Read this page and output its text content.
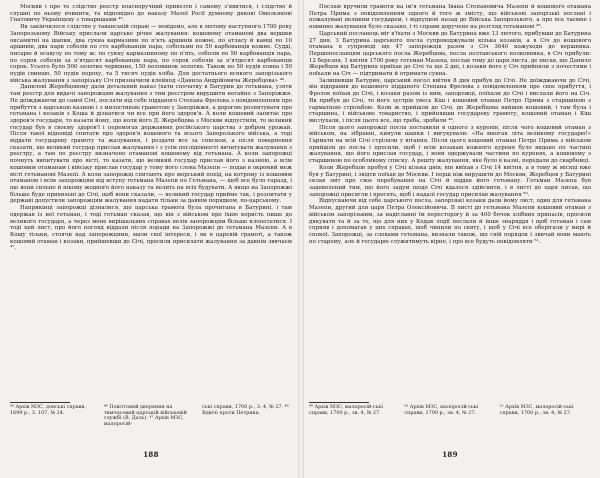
Москви і про те слідство реєстр власноручний привезти і самому з'явитися, і слідство й слушні по ньому вчинити, та відповідно до наказу Малої Росії думному дякові Омельянові Гнатовичу Українцеву з товаришами ⁴⁵.

Як закінчилося слідство у таванській справі — невідомо, але в лютому наступного 1700 року Запорозькому Війську прислали царське річне жалування: кошовому отаманові два вершки оксамитні на шапки, два сукна кармазини по п'ять аршинів кожне, по атласу й камці по 10 аршинів, два пари соболів по сто карбованців пара, собольми по 50 карбованців кожне. Судді, писарю й осавулу по тому ж: по сукну кармазинному по п'ять, соболів по 50 карбованців пара, по сорок соболів за п'ятдесят карбованців пара, по сорок соболів за п'ятдесят карбованців сорок. Усього було 500 золотих червоних, 150 половинок золотих. Також по 50 пудів олива і 50 пудів свинцю, 50 пудів пороху, та 5 тисяч пудів хліба. Для достатнього всякого запорізького війська жалування з запорізьку Січ призначили клейнод «Данила Андрійовича Жеребцова» ⁴⁶.

Даниловi Жеребцовому дали детальний наказ (хати спочатку в Батурин до гетьмана, узяти там реєстр для видачі запорожцям жалування з тим реєстром вирушити негайно з Запоріжжя. Не доїжджаючи до самої Січі, послати від себе підданого Степана Фролова з повідомленням про прибуття з царською казною і з милостивою грамотою у Запоріжжя, а дорогою розпитувати про гетьмана і козаків з Коша й дізнатися чи все при його здоров'я. А коли кошовий запитає про здоров'я государя, то казати йому, що коли його Д. Жеребцова з Москви відпустили, то великий государ був в своєму здоров'ї і перемогах державних російського царства з добром урожай. Після такої відповіді спитати про здоров'я кошового та всього Запорозького війська, а тоді віддати государеву грамоту та жалування, і роздати все за списком, а після повернення сказати, що великий государ прислав жалування і з усім послідовності вичитувати жалування з реєстру, а там по реєстру визначено отаманові кошовому від гетьмана. А коли запорожці почнуть випитувати про вісті, то казати, що великий государ прислав його з казною, а всім кошовим отаманам і війську прислав государ у тому його слова Мазепи — подав в окремий меж вісті гетьманові Мазепі. А коли запорожці спитають про морський похід, на котрому із кошовим отаманом і всім запорожцям від вступу гетьмана Мазепи по Гетьмана, — щоб все було гаразд, і що вони сильно й нікому жодного його наказу та велить на всіх будувати. А якщо на Запорожжі більше буде прихильні до Січі, щоб вони сказали, — великий государ прийме так, і розпитати у державі допустили запорожцям жалування надати тільки за давнім порядком, по-царському.

Наприкінці запорожці дізналися, що царська грамота була прочитана в Батурині, і там одержав із неї гетьман, і тоді гетьман сказав, що він з військом про їхню користь пише до великого государя, а через мене вирішальних справах велів запорожцям більше клопотатися. І тоді цей лист, про його погляд віддали після поради на Запорожжі до гетьмана Мазепи. А в Кошу тільки, стоячи над запорожцями, мали свої інтереси, і як в царевій грамоті, а також кошовий отаман і козаки, прийшовши до Січі, просили присилати жалування за давнім звичаєм ⁴⁷.

⁴⁵ Архів МЗС, донські справи, 1699 р., 3. 107, № 24.

⁴⁶ Повіттовий дворянин на тимчасовий царській військовій службі (В. Даль). ⁴⁷ Архів МЗС, малоросій-

ські справи, 1700 р., 3. 4, № 27. ⁴⁸ Вдвічі проти Петрика.

188

Послам вручили грамоти на ім'я гетьмана Івана Степановича Мазепи й кошового отамана Петра Прима з повідомленням одного й того ж змісту, що військові запорізькі послані і пожалувані великим государем, і відпущені назад до Війська Запорозького, а про все таємне і повинно жалування було сказано, і ті справи доручено на розгляд гетьманові ⁴⁸.

Царський посланець міг в'їхати з Москви до Батурина вже 13 лютого, прибувши до Батурина 27 дня. З Батурина царського посла супроводжували кілька козаків, а в Січ до кошового отамана в супроводі ще 47 запорожців разом з Січ 3640 кожуходи до вершника. Першопосланцям царського посла Жеребцова, посла полтавського полковника, в Січ прибули: 12 березня, 1 квітня 1700 року гетьман Мазепа, послав тому до царя листа, де писав, що Данило Жеребцов від Батурина приїхав до Січі та ще 2 дні, і козаки його у Січ прийняли з почестями і поїхали на Січ — підтримати й отримати сукна.

Залишивши Батурин, царський посол квітня 8 дня прибув до Січі. Не доїжджаючи до Січі, він відправив до кошового підданого Степана Фролова з повідомленням про своє прибуття, і Фролов поїхав до Січі, і козаки разом із ним, запорожці, поїхали до Січі і вислали його на Січ. Як прибув до Січі, то його зустрів увесь Кіш і кошовий отаман Петро Прима з старшиною з гарматною стрільбою. Коли ж прийшли до Січі, до Жеребцова вийшов кошовий, і там була і старшина, і військове товариство, і прийнявши государеву грамоту, кошовий отаман і Кіш вислухали, і після цього все, що треба, зробили ⁴⁹.

Після цього запорожці посла поставили в одного з куренів, після чого кошовий отаман з військом, на зібранні, кинули шапки і вигукували: «На многая літа великому государю!» Гармати на всій Січі стріляли у вітання. Після цього кошовий отаман Петро Прима з військом прийшли до посла і просили, щоб і всім козакам кожного куреня було видано по частині жалування, що його прислав государ, і вони одержували частини по куренях, а кошовому з старшиною по особливому списку. А решту жалування, яке було в казні, передали до скарбниці.

Коли Жеребцов пробув у Січі кілька днів, він виїхав з Січі 14 квітня, а в тому ж місяці вже був у Батурині, і звідти поїхав до Москви. І перш ніж вирушити до Москви, Жеребцов у Батурині склав звіт про своє перебування на Січі й віддав його гетьману. Гетьман Мазепа був задоволений тим, що його задум щодо Січі вдалося здійснити, і в листі до царя писав, що запорожці присягли і просять, щоб і надалі государ присилав жалування ⁵⁰.

Відпускаючи від себе царського посла, запорізькі козаки дали йому лист, один для гетьмана Мазепи, другий для царя Петра Олексійовича. В листі до гетьмана Мазепи кошовий отаман з військом запорізьким, за надісланні їм пересторогу й за 400 бочок хлібних припасів, просили дякувати та й за те, що для них у Кодак лодії послали й інше знаряддя і щоб гетьман і сам сприяв і допомагав у цих справах, щоб чинили по святу, і щоб у Січі все оберігали у мирі й спокої. Запорожці, за словами гетьмана, визнали також, що свій порядок і звичай вони мають по старому, але й государю служитимуть вірно, і про все будуть повідомляти ⁵¹.

⁴⁹ Архів МЗС, малоросій-ські справи, 1700 р., зв. 4, № 27.

⁵⁰ Архів МЗС, малоросій-ські справи, 1700 р., зв. 4, № 27.

⁵¹ Архів МЗС, малоросій-ські справи, 1700 р., зв. 4, № 27.

189
